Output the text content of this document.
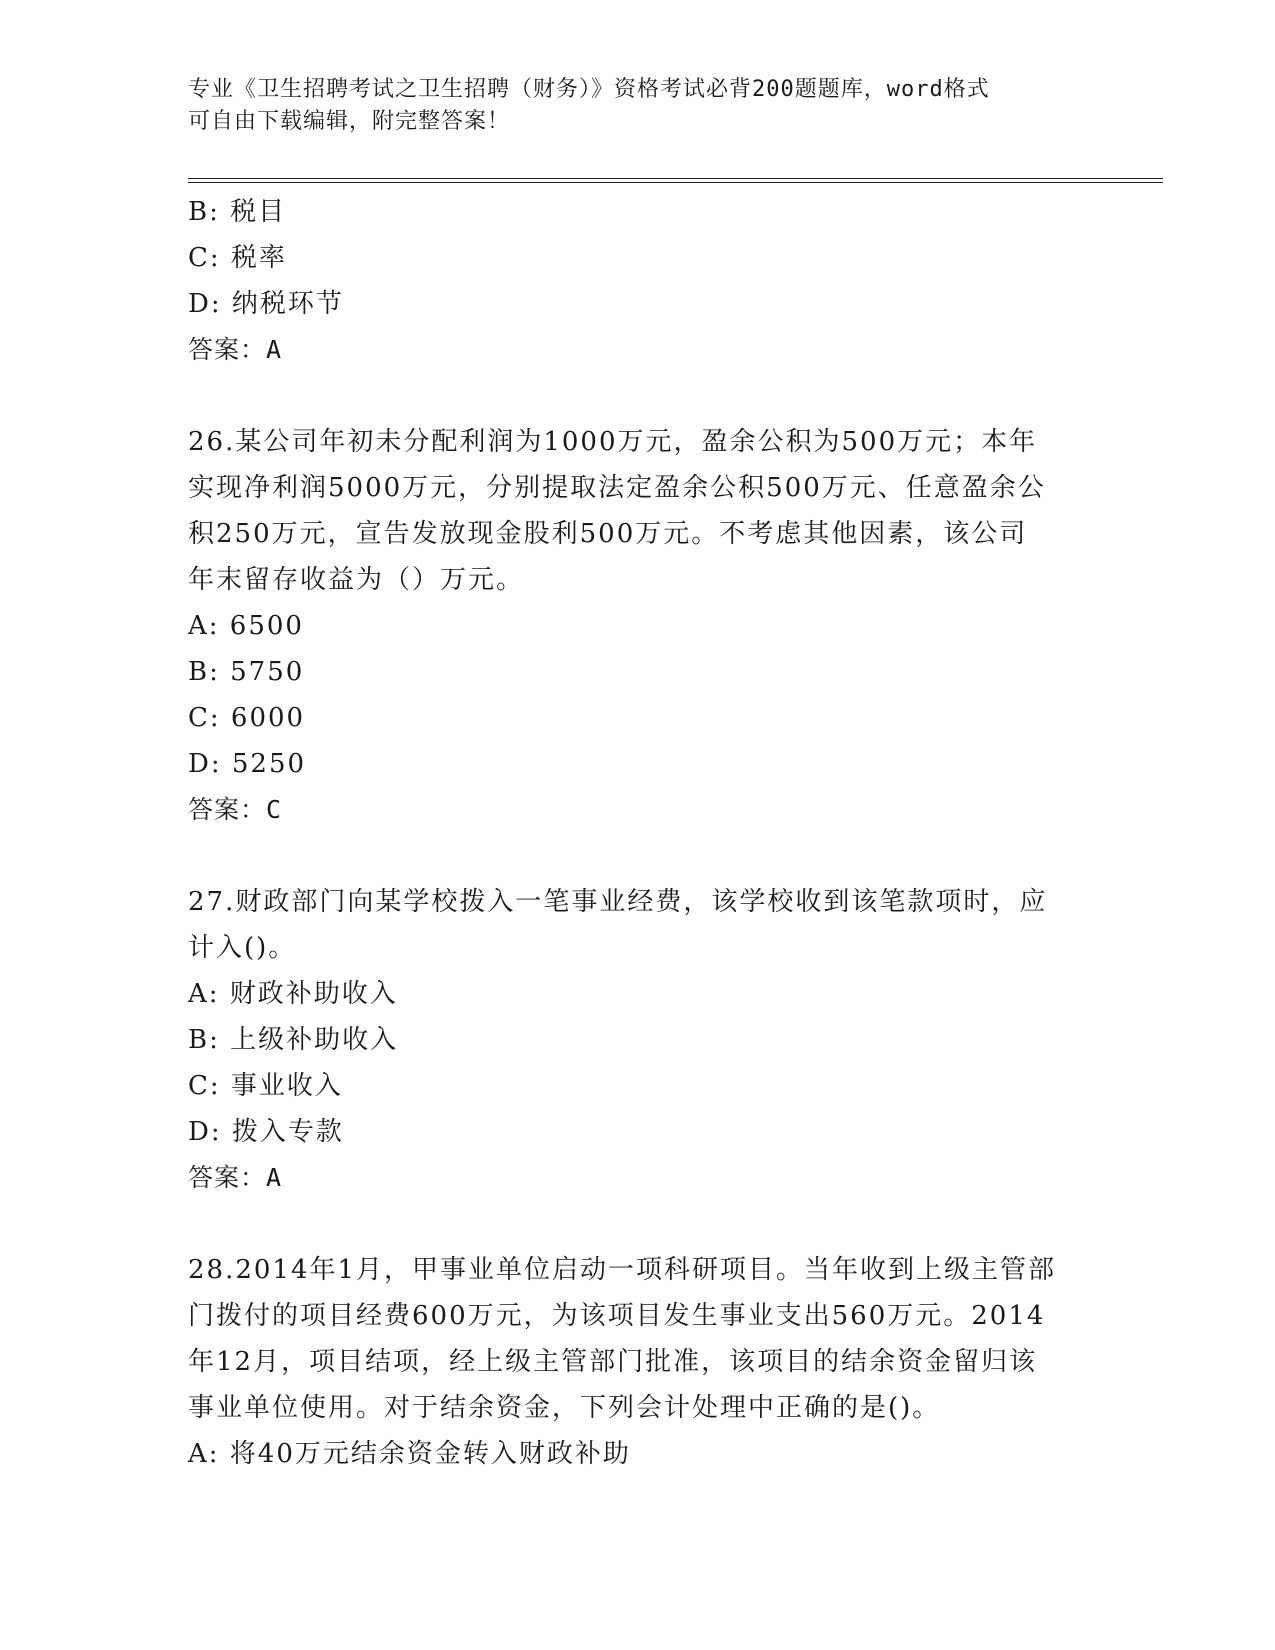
专业《卫生招聘考试之卫生招聘（财务）》资格考试必背200题题库，word格式
可自由下载编辑，附完整答案！
B: 税目
C: 税率
D: 纳税环节
答案：A
26.某公司年初未分配利润为1000万元，盈余公积为500万元；本年
实现净利润5000万元，分别提取法定盈余公积500万元、任意盈余公
积250万元，宣告发放现金股利500万元。不考虑其他因素，该公司
年末留存收益为（）万元。
A: 6500
B: 5750
C: 6000
D: 5250
答案：C
27.财政部门向某学校拨入一笔事业经费，该学校收到该笔款项时，应
计入()。
A: 财政补助收入
B: 上级补助收入
C: 事业收入
D: 拨入专款
答案：A
28.2014年1月，甲事业单位启动一项科研项目。当年收到上级主管部
门拨付的项目经费600万元，为该项目发生事业支出560万元。2014
年12月，项目结项，经上级主管部门批准，该项目的结余资金留归该
事业单位使用。对于结余资金，下列会计处理中正确的是()。
A: 将40万元结余资金转入财政补助
